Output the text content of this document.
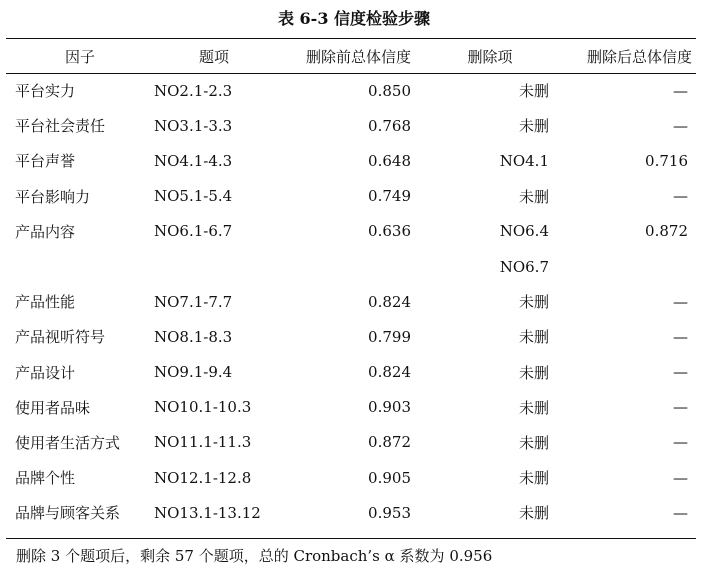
表 6-3 信度检验步骤
因子	题项	删除前总体信度	删除项	删除后总体信度
平台实力	NO2.1-2.3	0.850	未删	—
平台社会责任	NO3.1-3.3	0.768	未删	—
平台声誉	NO4.1-4.3	0.648	NO4.1	0.716
平台影响力	NO5.1-5.4	0.749	未删	—
产品内容	NO6.1-6.7	0.636	NO6.4	0.872
			NO6.7	
产品性能	NO7.1-7.7	0.824	未删	—
产品视听符号	NO8.1-8.3	0.799	未删	—
产品设计	NO9.1-9.4	0.824	未删	—
使用者品味	NO10.1-10.3	0.903	未删	—
使用者生活方式	NO11.1-11.3	0.872	未删	—
品牌个性	NO12.1-12.8	0.905	未删	—
品牌与顾客关系	NO13.1-13.12	0.953	未删	—
删除 3 个题项后，剩余 57 个题项，总的 Cronbach’s α 系数为 0.956
